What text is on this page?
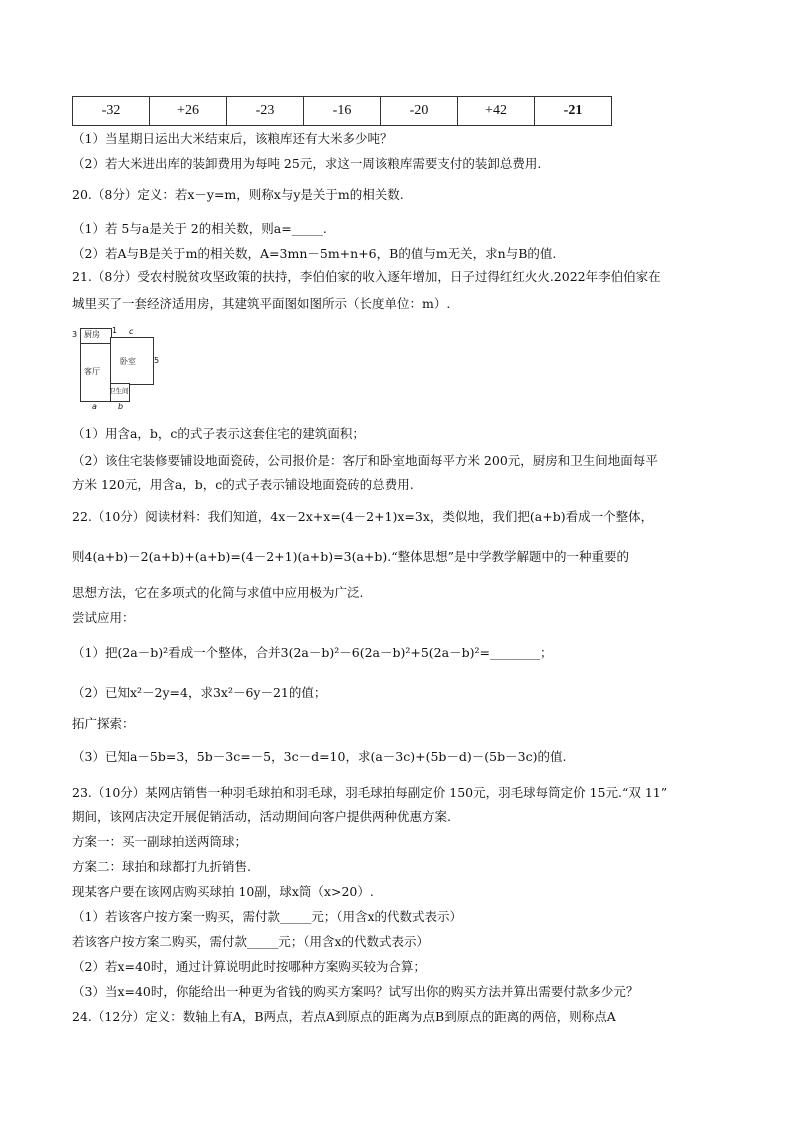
-32	+26	-23	-16	-20	+42	-21
（1）当星期日运出大米结束后，该粮库还有大米多少吨？
（2）若大米进出库的装卸费用为每吨 25元，求这一周该粮库需要支付的装卸总费用.
20.（8分）定义：若x－y=m，则称x与y是关于m的相关数.
（1）若 5与a是关于 2的相关数，则a=_____.
（2）若A与B是关于m的相关数，A=3mn－5m+n+6，B的值与m无关，求n与B的值.
21.（8分）受农村脱贫攻坚政策的扶持，李伯伯家的收入逐年增加，日子过得红红火火.2022年李伯伯家在
城里买了一套经济适用房，其建筑平面图如图所示（长度单位：m）.
厨房
客厅
卧室
卫生间
3	1 c
5
a	b
（1）用含a，b，c的式子表示这套住宅的建筑面积；
（2）该住宅装修要铺设地面瓷砖，公司报价是：客厅和卧室地面每平方米 200元，厨房和卫生间地面每平
方米 120元，用含a，b，c的式子表示铺设地面瓷砖的总费用.
22.（10分）阅读材料：我们知道，4x－2x+x=(4－2+1)x=3x，类似地，我们把(a+b)看成一个整体，
则4(a+b)－2(a+b)+(a+b)=(4－2+1)(a+b)=3(a+b).“整体思想”是中学教学解题中的一种重要的
思想方法，它在多项式的化简与求值中应用极为广泛.
尝试应用：
（1）把(2a－b)²看成一个整体，合并3(2a－b)²－6(2a－b)²+5(2a－b)²=________；
（2）已知x²－2y=4，求3x²－6y－21的值；
拓广探索：
（3）已知a－5b=3，5b－3c=－5，3c－d=10，求(a－3c)+(5b－d)－(5b－3c)的值.
23.（10分）某网店销售一种羽毛球拍和羽毛球，羽毛球拍每副定价 150元，羽毛球每筒定价 15元.“双 11”
期间，该网店决定开展促销活动，活动期间向客户提供两种优惠方案.
方案一：买一副球拍送两筒球；
方案二：球拍和球都打九折销售.
现某客户要在该网店购买球拍 10副，球x筒（x>20）.
（1）若该客户按方案一购买，需付款_____元；（用含x的代数式表示）
若该客户按方案二购买，需付款_____元；（用含x的代数式表示）
（2）若x=40时，通过计算说明此时按哪种方案购买较为合算；
（3）当x=40时，你能给出一种更为省钱的购买方案吗？试写出你的购买方法并算出需要付款多少元？
24.（12分）定义：数轴上有A，B两点，若点A到原点的距离为点B到原点的距离的两倍，则称点A
